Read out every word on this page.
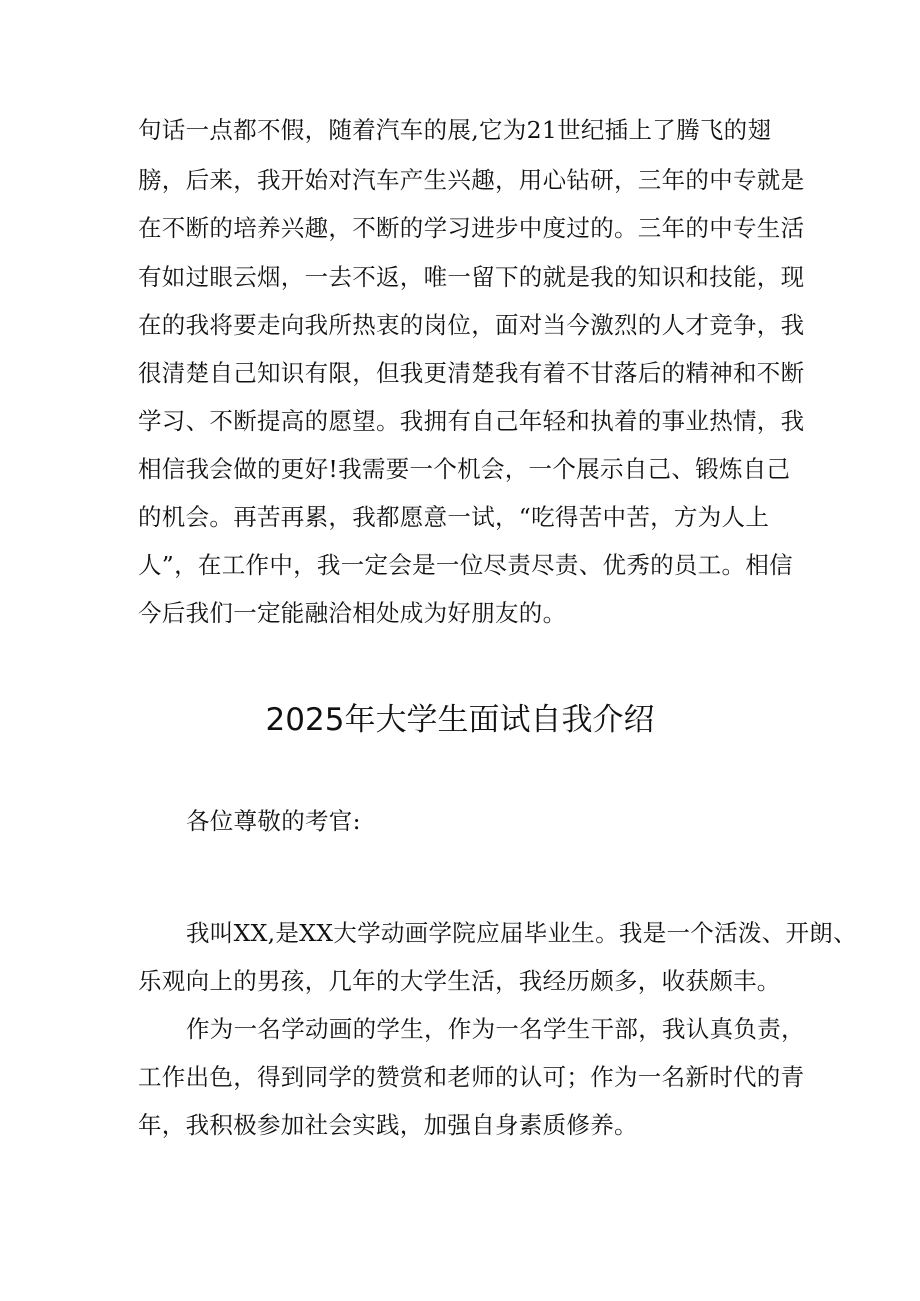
句话一点都不假，随着汽车的展,它为21世纪插上了腾飞的翅
膀，后来，我开始对汽车产生兴趣，用心钻研，三年的中专就是
在不断的培养兴趣，不断的学习进步中度过的。三年的中专生活
有如过眼云烟，一去不返，唯一留下的就是我的知识和技能，现
在的我将要走向我所热衷的岗位，面对当今激烈的人才竞争，我
很清楚自己知识有限，但我更清楚我有着不甘落后的精神和不断
学习、不断提高的愿望。我拥有自己年轻和执着的事业热情，我
相信我会做的更好!我需要一个机会，一个展示自己、锻炼自己
的机会。再苦再累，我都愿意一试，“吃得苦中苦，方为人上
人”，在工作中，我一定会是一位尽责尽责、优秀的员工。相信
今后我们一定能融洽相处成为好朋友的。
2025年大学生面试自我介绍
各位尊敬的考官:
我叫XX,是XX大学动画学院应届毕业生。我是一个活泼、开朗、
乐观向上的男孩，几年的大学生活，我经历颇多，收获颇丰。
作为一名学动画的学生，作为一名学生干部，我认真负责，
工作出色，得到同学的赞赏和老师的认可；作为一名新时代的青
年，我积极参加社会实践，加强自身素质修养。
